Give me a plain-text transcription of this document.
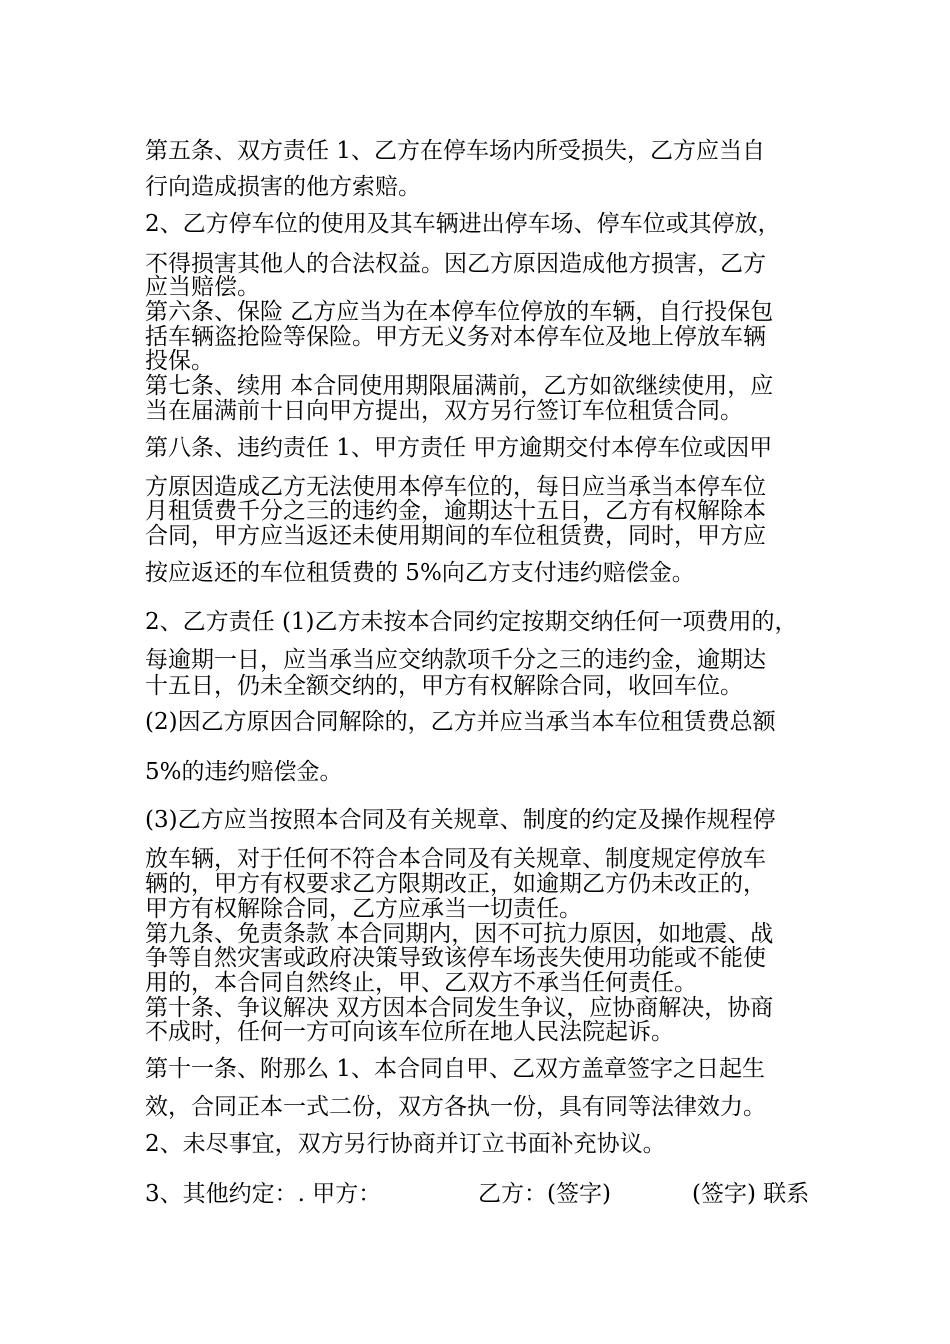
第五条、双方责任 1、乙方在停车场内所受损失，乙方应当自
行向造成损害的他方索赔。
2、乙方停车位的使用及其车辆进出停车场、停车位或其停放，
不得损害其他人的合法权益。因乙方原因造成他方损害，乙方
应当赔偿。
第六条、保险 乙方应当为在本停车位停放的车辆，自行投保包
括车辆盗抢险等保险。甲方无义务对本停车位及地上停放车辆
投保。
第七条、续用 本合同使用期限届满前，乙方如欲继续使用，应
当在届满前十日向甲方提出，双方另行签订车位租赁合同。
第八条、违约责任 1、甲方责任 甲方逾期交付本停车位或因甲
方原因造成乙方无法使用本停车位的，每日应当承当本停车位
月租赁费千分之三的违约金，逾期达十五日，乙方有权解除本
合同，甲方应当返还未使用期间的车位租赁费，同时，甲方应
按应返还的车位租赁费的 5%向乙方支付违约赔偿金。
2、乙方责任 (1)乙方未按本合同约定按期交纳任何一项费用的，
每逾期一日，应当承当应交纳款项千分之三的违约金，逾期达
十五日，仍未全额交纳的，甲方有权解除合同，收回车位。
(2)因乙方原因合同解除的，乙方并应当承当本车位租赁费总额
5%的违约赔偿金。
(3)乙方应当按照本合同及有关规章、制度的约定及操作规程停
放车辆，对于任何不符合本合同及有关规章、制度规定停放车
辆的，甲方有权要求乙方限期改正，如逾期乙方仍未改正的，
甲方有权解除合同，乙方应承当一切责任。
第九条、免责条款 本合同期内，因不可抗力原因，如地震、战
争等自然灾害或政府决策导致该停车场丧失使用功能或不能使
用的，本合同自然终止，甲、乙双方不承当任何责任。
第十条、争议解决 双方因本合同发生争议，应协商解决，协商
不成时，任何一方可向该车位所在地人民法院起诉。
第十一条、附那么 1、本合同自甲、乙双方盖章签字之日起生
效，合同正本一式二份，双方各执一份，具有同等法律效力。
2、未尽事宜，双方另行协商并订立书面补充协议。
3、其他约定：. 甲方：	乙方：(签字)	(签字) 联系
